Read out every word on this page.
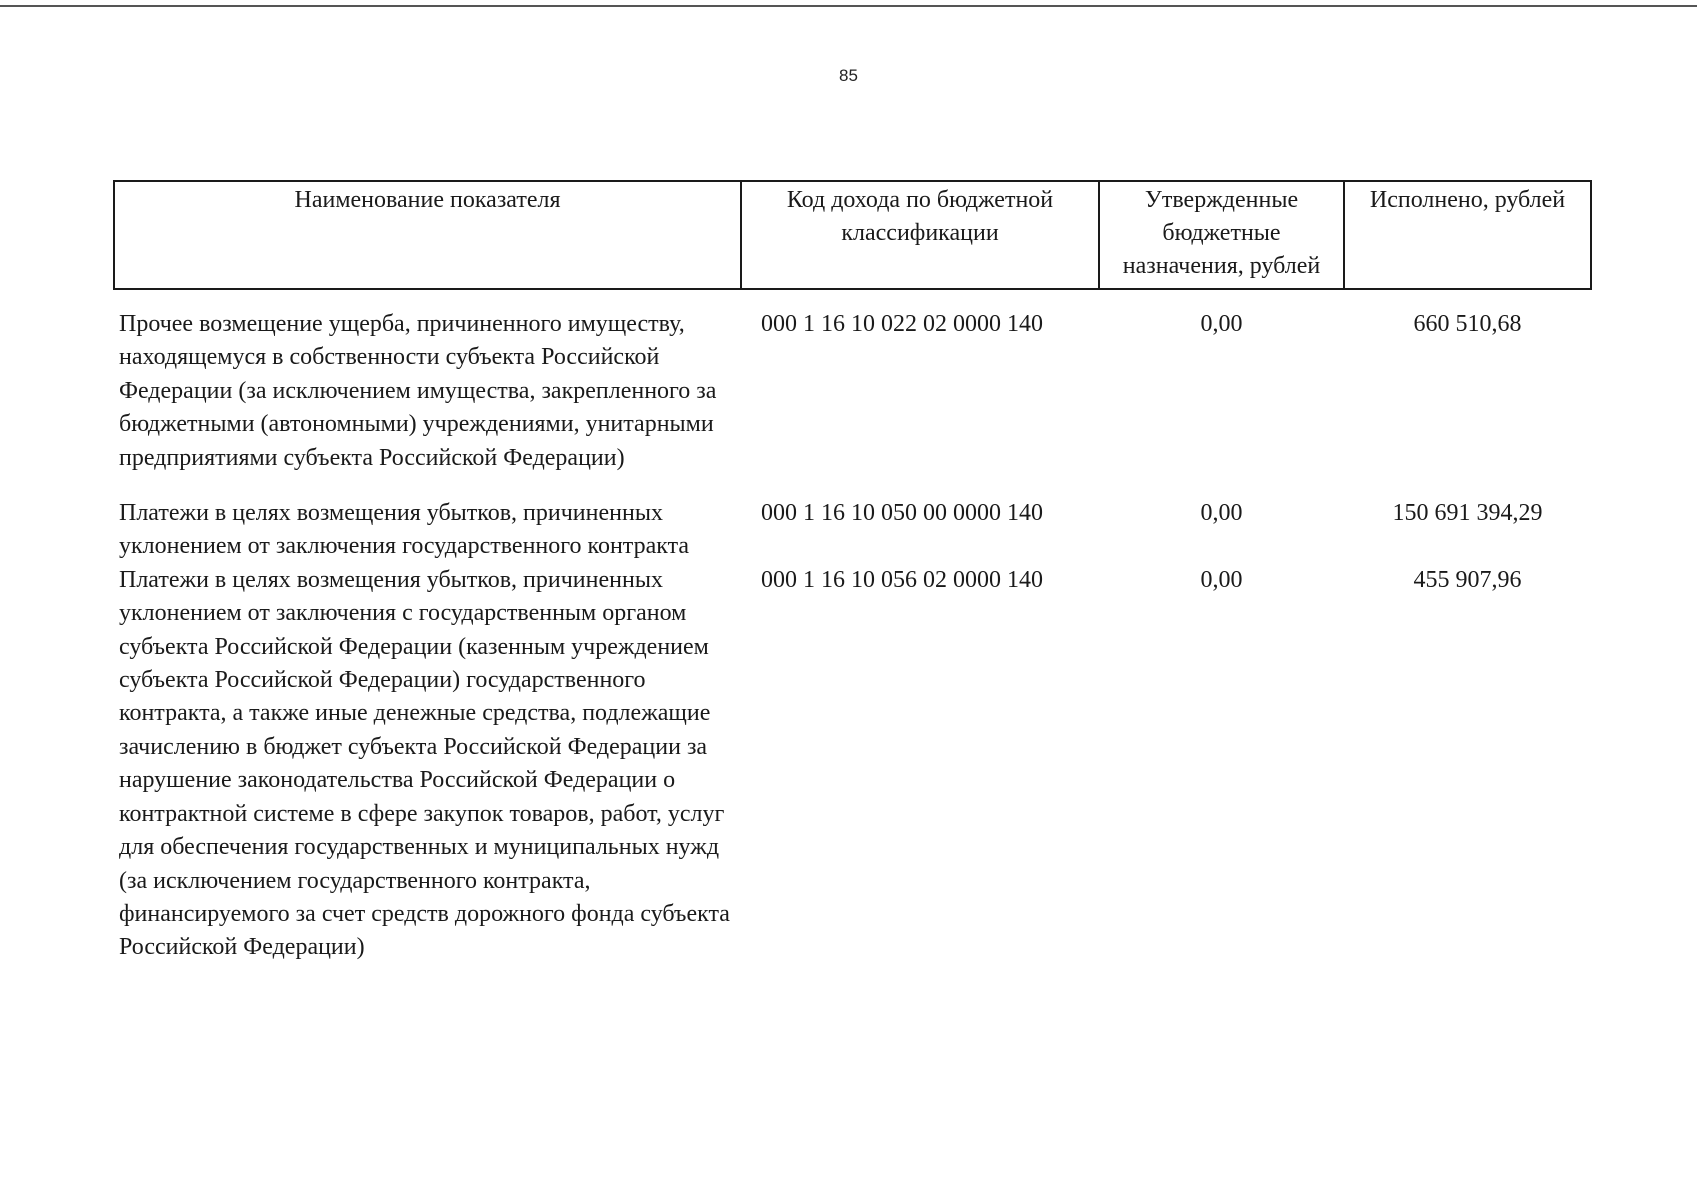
85
Наименование показателя	Код дохода по бюджетной классификации	Утвержденные бюджетные назначения, рублей	Исполнено, рублей
Прочее возмещение ущерба, причиненного имуществу, находящемуся в собственности субъекта Российской Федерации (за исключением имущества, закрепленного за бюджетными (автономными) учреждениями, унитарными предприятиями субъекта Российской Федерации)	000 1 16 10 022 02 0000 140	0,00	660 510,68
Платежи в целях возмещения убытков, причиненных уклонением от заключения государственного контракта	000 1 16 10 050 00 0000 140	0,00	150 691 394,29
Платежи в целях возмещения убытков, причиненных уклонением от заключения с государственным органом субъекта Российской Федерации (казенным учреждением субъекта Российской Федерации) государственного контракта, а также иные денежные средства, подлежащие зачислению в бюджет субъекта Российской Федерации за нарушение законодательства Российской Федерации о контрактной системе в сфере закупок товаров, работ, услуг для обеспечения государственных и муниципальных нужд (за исключением государственного контракта, финансируемого за счет средств дорожного фонда субъекта Российской Федерации)	000 1 16 10 056 02 0000 140	0,00	455 907,96
